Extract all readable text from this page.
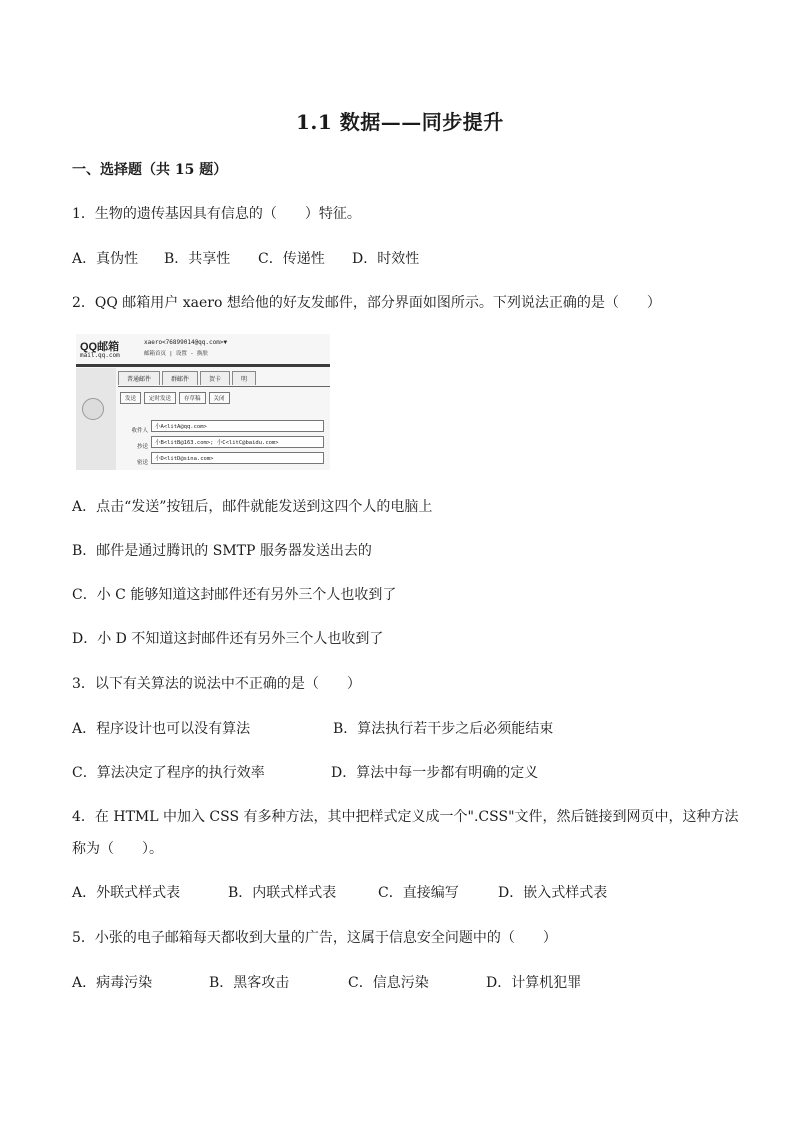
1.1 数据——同步提升
一、选择题（共 15 题）
1．生物的遗传基因具有信息的（　　）特征。
A．真伪性 B．共享性 C．传递性 D．时效性
2．QQ 邮箱用户 xaero 想给他的好友发邮件，部分界面如图所示。下列说法正确的是（　　）
QQ邮箱
mail.qq.com
xaero<76899014@qq.com>▼
邮箱首页 | 设置 - 换肤
普通邮件	群邮件	贺卡	明
发送	定时发送	存草稿	关闭
收件人小A<litA@qq.com>
抄送小B<litB@163.com>; 小C<litC@baidu.com>
密送小D<litD@sina.com>
A．点击“发送”按钮后，邮件就能发送到这四个人的电脑上
B．邮件是通过腾讯的 SMTP 服务器发送出去的
C．小 C 能够知道这封邮件还有另外三个人也收到了
D．小 D 不知道这封邮件还有另外三个人也收到了
3．以下有关算法的说法中不正确的是（　　）
A．程序设计也可以没有算法	B．算法执行若干步之后必须能结束
C．算法决定了程序的执行效率	D．算法中每一步都有明确的定义
4．在 HTML 中加入 CSS 有多种方法，其中把样式定义成一个".CSS"文件，然后链接到网页中，这种方法
称为（　　）。
A．外联式样式表	B．内联式样式表	C．直接编写	D．嵌入式样式表
5．小张的电子邮箱每天都收到大量的广告，这属于信息安全问题中的（　　）
A．病毒污染	B．黑客攻击	C．信息污染	D．计算机犯罪
